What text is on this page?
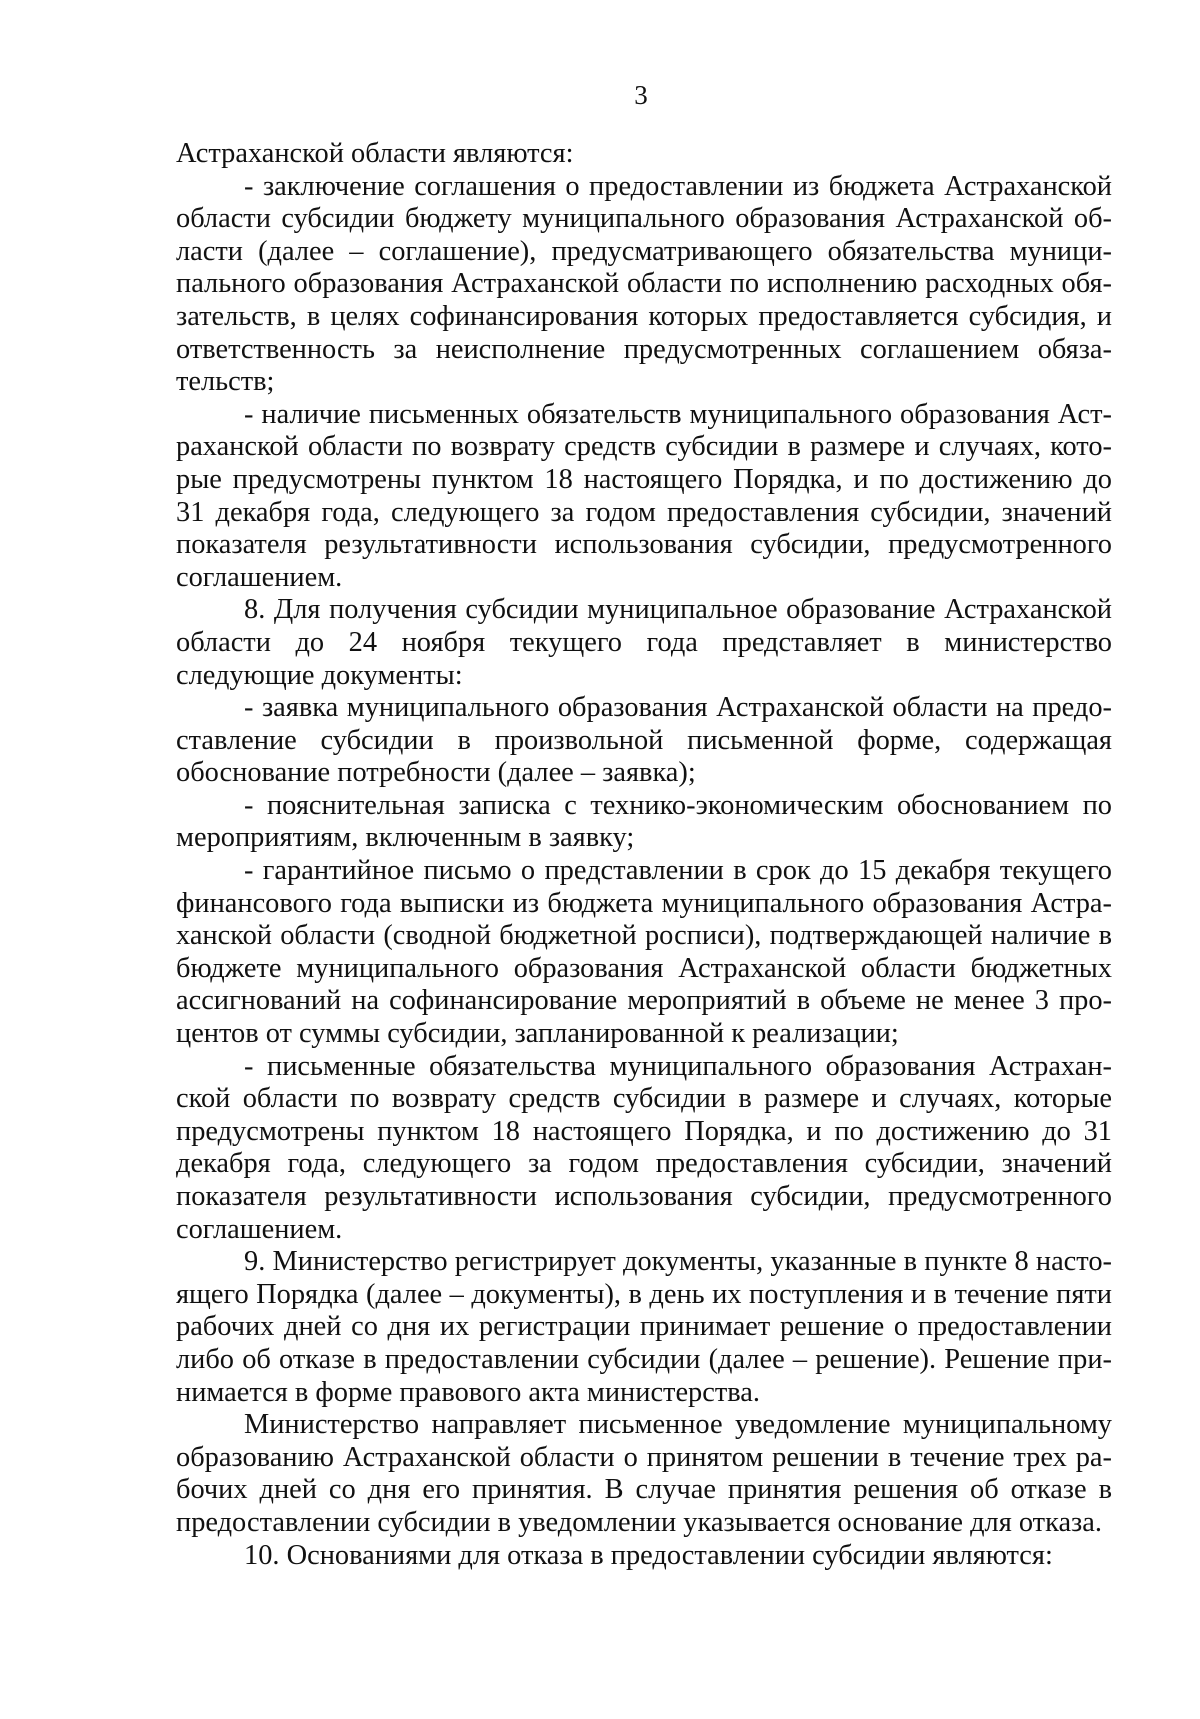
3

Астраханской области являются:

- заключение соглашения о предоставлении из бюджета Астраханской области субсидии бюджету муниципального образования Астраханской области (далее – соглашение), предусматривающего обязательства муниципального образования Астраханской области по исполнению расходных обязательств, в целях софинансирования которых предоставляется субсидия, и ответственность за неисполнение предусмотренных соглашением обязательств;

- наличие письменных обязательств муниципального образования Астраханской области по возврату средств субсидии в размере и случаях, которые предусмотрены пунктом 18 настоящего Порядка, и по достижению до 31 декабря года, следующего за годом предоставления субсидии, значений показателя результативности использования субсидии, предусмотренного соглашением.

8. Для получения субсидии муниципальное образование Астраханской области до 24 ноября текущего года представляет в министерство следующие документы:

- заявка муниципального образования Астраханской области на предоставление субсидии в произвольной письменной форме, содержащая обоснование потребности (далее – заявка);

- пояснительная записка с технико-экономическим обоснованием по мероприятиям, включенным в заявку;

- гарантийное письмо о представлении в срок до 15 декабря текущего финансового года выписки из бюджета муниципального образования Астраханской области (сводной бюджетной росписи), подтверждающей наличие в бюджете муниципального образования Астраханской области бюджетных ассигнований на софинансирование мероприятий в объеме не менее 3 процентов от суммы субсидии, запланированной к реализации;

- письменные обязательства муниципального образования Астраханской области по возврату средств субсидии в размере и случаях, которые предусмотрены пунктом 18 настоящего Порядка, и по достижению до 31 декабря года, следующего за годом предоставления субсидии, значений показателя результативности использования субсидии, предусмотренного соглашением.

9. Министерство регистрирует документы, указанные в пункте 8 настоящего Порядка (далее – документы), в день их поступления и в течение пяти рабочих дней со дня их регистрации принимает решение о предоставлении либо об отказе в предоставлении субсидии (далее – решение). Решение принимается в форме правового акта министерства.

Министерство направляет письменное уведомление муниципальному образованию Астраханской области о принятом решении в течение трех рабочих дней со дня его принятия. В случае принятия решения об отказе в предоставлении субсидии в уведомлении указывается основание для отказа.

10. Основаниями для отказа в предоставлении субсидии являются:
